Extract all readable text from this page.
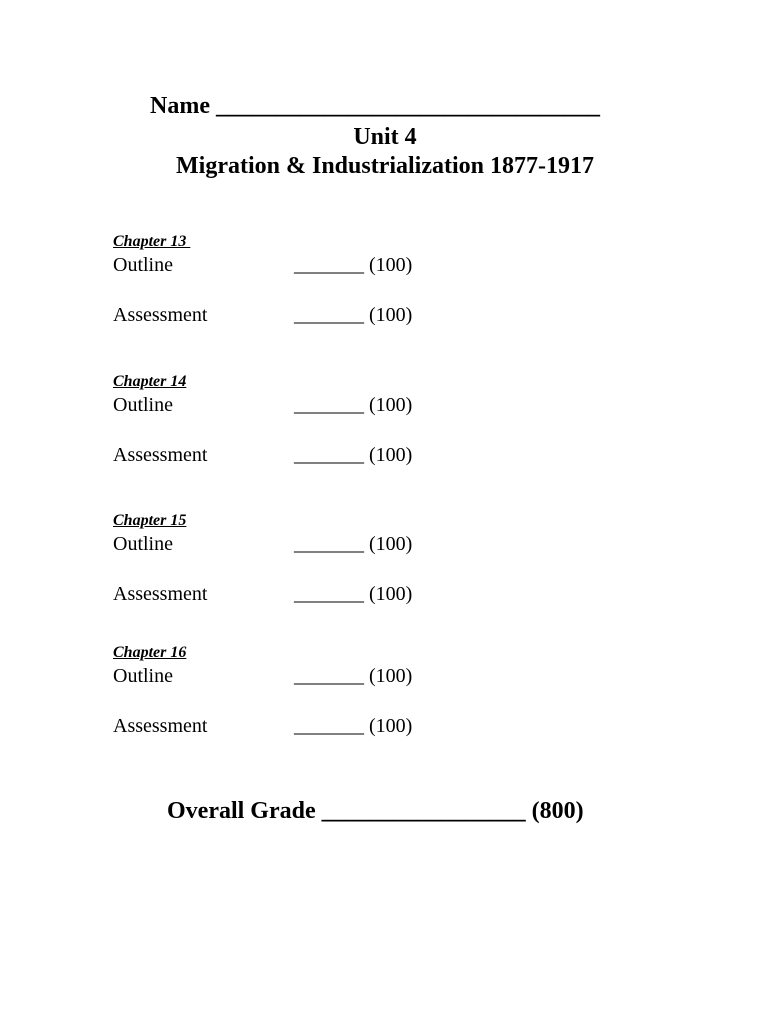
Name ________________________________
Unit 4
Migration & Industrialization 1877-1917
Chapter 13
Outline	_______ (100)
Assessment	_______ (100)
Chapter 14
Outline	_______ (100)
Assessment	_______ (100)
Chapter 15
Outline	_______ (100)
Assessment	_______ (100)
Chapter 16
Outline	_______ (100)
Assessment	_______ (100)
Overall Grade _________________ (800)
